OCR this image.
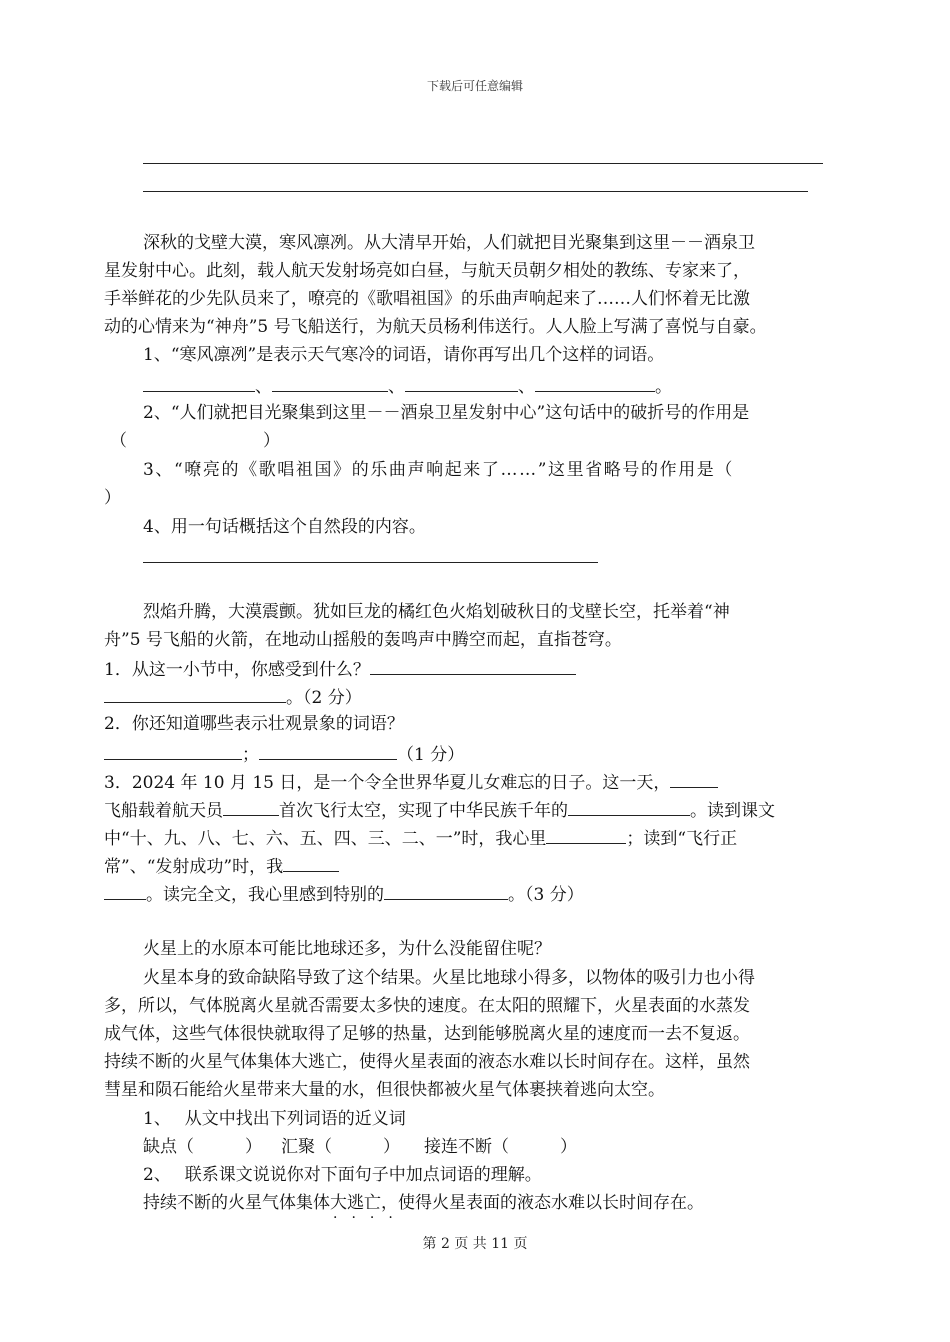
下载后可任意编辑
深秋的戈壁大漠，寒风凛冽。从大清早开始，人们就把目光聚集到这里－－酒泉卫
星发射中心。此刻，载人航天发射场亮如白昼，与航天员朝夕相处的教练、专家来了，
手举鲜花的少先队员来了，嘹亮的《歌唱祖国》的乐曲声响起来了……人们怀着无比激
动的心情来为“神舟”5 号飞船送行，为航天员杨利伟送行。人人脸上写满了喜悦与自豪。
1、“寒风凛冽”是表示天气寒冷的词语，请你再写出几个这样的词语。
、	、	、	。
2、“人们就把目光聚集到这里－－酒泉卫星发射中心”这句话中的破折号的作用是
（　　　　　　　　）
3、“嘹亮的《歌唱祖国》的乐曲声响起来了……”这里省略号的作用是（
）
4、用一句话概括这个自然段的内容。
烈焰升腾，大漠震颤。犹如巨龙的橘红色火焰划破秋日的戈壁长空，托举着“神
舟”5 号飞船的火箭，在地动山摇般的轰鸣声中腾空而起，直指苍穹。
1．从这一小节中，你感受到什么？
。（2 分）
2．你还知道哪些表示壮观景象的词语？
；	（1 分）
3．2024 年 10 月 15 日，是一个令全世界华夏儿女难忘的日子。这一天，
飞船载着航天员	首次飞行太空，实现了中华民族千年的	。读到课文
中“十、九、八、七、六、五、四、三、二、一”时，我心里	；读到“飞行正
常”、“发射成功”时，我
。读完全文，我心里感到特别的	。（3 分）
火星上的水原本可能比地球还多，为什么没能留住呢？
火星本身的致命缺陷导致了这个结果。火星比地球小得多，以物体的吸引力也小得
多，所以，气体脱离火星就否需要太多快的速度。在太阳的照耀下，火星表面的水蒸发
成气体，这些气体很快就取得了足够的热量，达到能够脱离火星的速度而一去不复返。
持续不断的火星气体集体大逃亡，使得火星表面的液态水难以长时间存在。这样，虽然
彗星和陨石能给火星带来大量的水，但很快都被火星气体裹挟着逃向太空。
1、　 从文中找出下列词语的近义词
缺点（　　　） 汇聚（　　　） 接连不断（　　　）
2、　 联系课文说说你对下面句子中加点词语的理解。
持续不断的火星气体集体大逃亡，使得火星表面的液态水难以长时间存在。
····
第 2 页 共 11 页
